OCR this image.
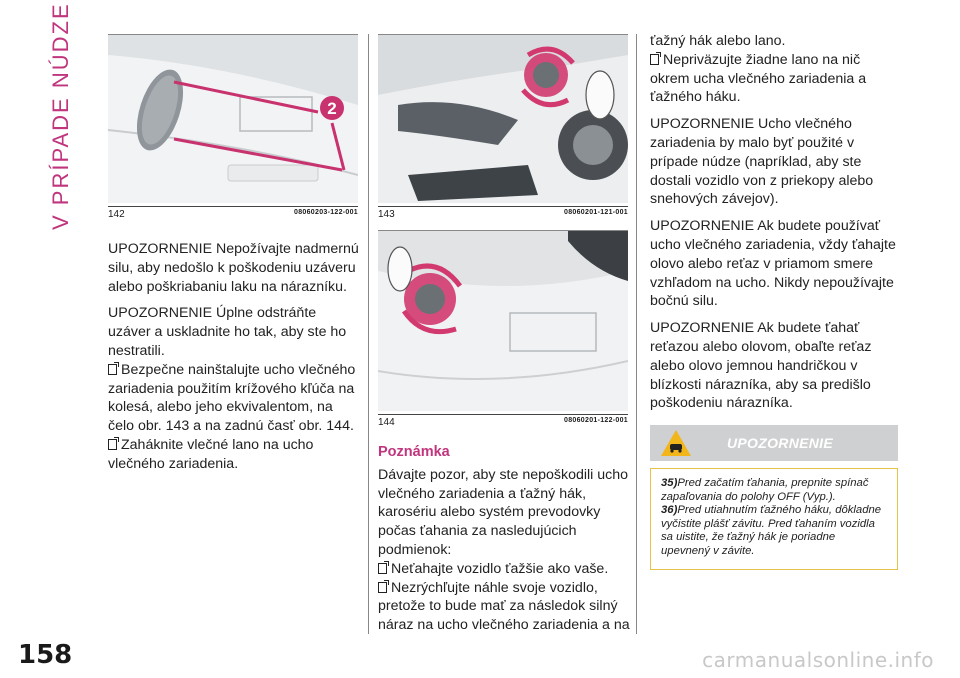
V PRÍPADE NÚDZE
158	carmanualsonline.info
2
142	08060203-122-001 143	08060201-121-001
144	08060201-122-001

UPOZORNENIE Nepožívajte nadmernú silu, aby nedošlo k poškodeniu uzáveru alebo poškriabaniu laku na nárazníku.

UPOZORNENIE Úplne odstráňte uzáver a uskladnite ho tak, aby ste ho nestratili.

Bezpečne nainštalujte ucho vlečného zariadenia použitím krížového kľúča na kolesá, alebo jeho ekvivalentom, na čelo obr. 143 a na zadnú časť obr. 144.
Zaháknite vlečné lano na ucho vlečného zariadenia.
Poznámka

Dávajte pozor, aby ste nepoškodili ucho vlečného zariadenia a ťažný hák, karosériu alebo systém prevodovky počas ťahania za nasledujúcich podmienok:

Neťahajte vozidlo ťažšie ako vaše.
Nezrýchľujte náhle svoje vozidlo, pretože to bude mať za následok silný náraz na ucho vlečného zariadenia a na
ťažný hák alebo lano.
Nepriväzujte žiadne lano na nič okrem ucha vlečného zariadenia a ťažného háku.

UPOZORNENIE Ucho vlečného zariadenia by malo byť použité v prípade núdze (napríklad, aby ste dostali vozidlo von z priekopy alebo snehových závejov).

UPOZORNENIE Ak budete používať ucho vlečného zariadenia, vždy ťahajte olovo alebo reťaz v priamom smere vzhľadom na ucho. Nikdy nepoužívajte bočnú silu.

UPOZORNENIE Ak budete ťahať reťazou alebo olovom, obaľte reťaz alebo olovo jemnou handričkou v blízkosti nárazníka, aby sa predišlo poškodeniu nárazníka.

UPOZORNENIE
35)Pred začatím ťahania, prepnite spínač zapaľovania do polohy OFF (Vyp.).
36)Pred utiahnutím ťažného háku, dôkladne vyčistite plášť závitu. Pred ťahaním vozidla sa uistite, že ťažný hák je poriadne upevnený v závite.
